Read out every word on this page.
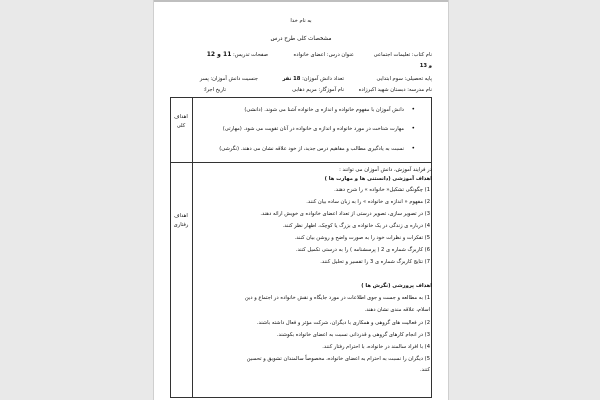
به نام خدا
مشخصات کلی طرح درس
نام کتاب: تعلیمات اجتماعی
عنوان درس: اعضای خانواده
صفحات تدریس: 11 و 12
و 13
پایه تحصیلی: سوم ابتدایی
تعداد دانش آموزان: 18 نفر
جنسیت دانش آموزان: پسر
نام مدرسه: دبستان شهید اکبرزاده
نام آموزگار: مریم ذهابی
تاریخ اجرا:
اهداف
کلی
•
دانش آموزان با مفهوم خانواده و اندازه ی خانواده آشنا می شوند. (دانشی)
•
مهارت شناخت در مورد خانواده و اندازه ی خانواده در آنان تقویت می شود. (مهارتی)
•
نسبت به یادگیری مطالب و مفاهیم درس جدید، از خود علاقه نشان می دهند. (نگرشی)
اهداف
رفتاری
در فرایند آموزش، دانش آموزان می توانند :
اهداف آموزشی (دانستنی ها و مهارت ها )
1) چگونگی تشکیل« خانواده » را شرح دهند.
2) مفهوم « اندازه ی خانواده » را به زبان ساده بیان کنند.
3) در تصویر سازی، تصویر درستی از تعداد اعضای خانواده ی خویش ارائه دهند.
4) درباره ی زندگی در یک خانواده ی بزرگ یا کوچک، اظهار نظر کنند.
5) تفکرات و نظرات خود را به صورت واضح و روشن بیان کنند.
6) کاربرگ شماره ی 2 ( پرسشنامه ) را به درستی تکمیل کنند.
7) نتایج کاربرگ شماره ی 3 را تفسیر و تحلیل کنند.
اهداف پرورشی (نگرش ها )
1) به مطالعه و جست و جوی اطلاعات در مورد جایگاه و نقش خانواده در اجتماع و دین
اسلام، علاقه مندی نشان دهند.
2) در فعالیت های گروهی و همکاری با دیگران، شرکت مؤثر و فعال داشته باشند.
3) در انجام کارهای گروهی و قدردانی نسبت به اعضای خانواده بکوشند.
4) با افراد سالمند در خانواده، با احترام رفتار کنند.
5) دیگران را نسبت به احترام به اعضای خانواده، مخصوصاً سالمندان تشویق و تحسین
کنند.
